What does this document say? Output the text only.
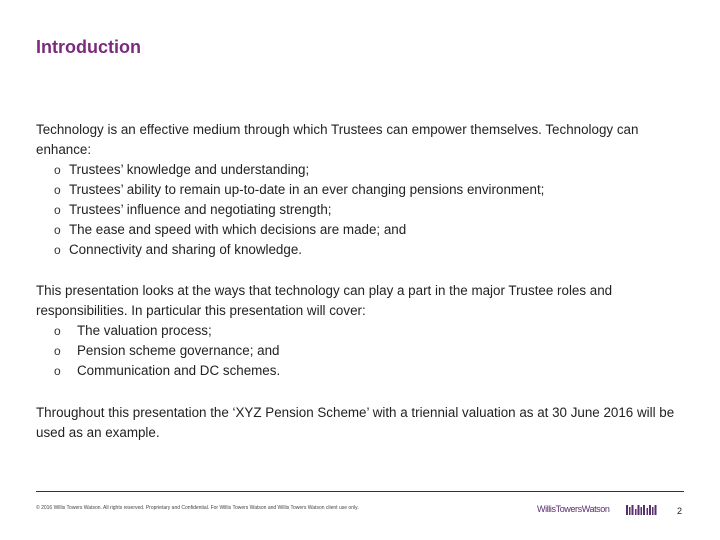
Introduction

Technology is an effective medium through which Trustees can empower themselves. Technology can enhance:

o Trustees’ knowledge and understanding;
o Trustees’ ability to remain up-to-date in an ever changing pensions environment;
o Trustees’ influence and negotiating strength;
o The ease and speed with which decisions are made; and
o Connectivity and sharing of knowledge.

This presentation looks at the ways that technology can play a part in the major Trustee roles and responsibilities. In particular this presentation will cover:

o The valuation process;
o Pension scheme governance; and
o Communication and DC schemes.

Throughout this presentation the ‘XYZ Pension Scheme’ with a triennial valuation as at 30 June 2016 will be used as an example.

© 2016 Willis Towers Watson. All rights reserved. Proprietary and Confidential. For Willis Towers Watson and Willis Towers Watson client use only.	WillisTowersWatson	2
